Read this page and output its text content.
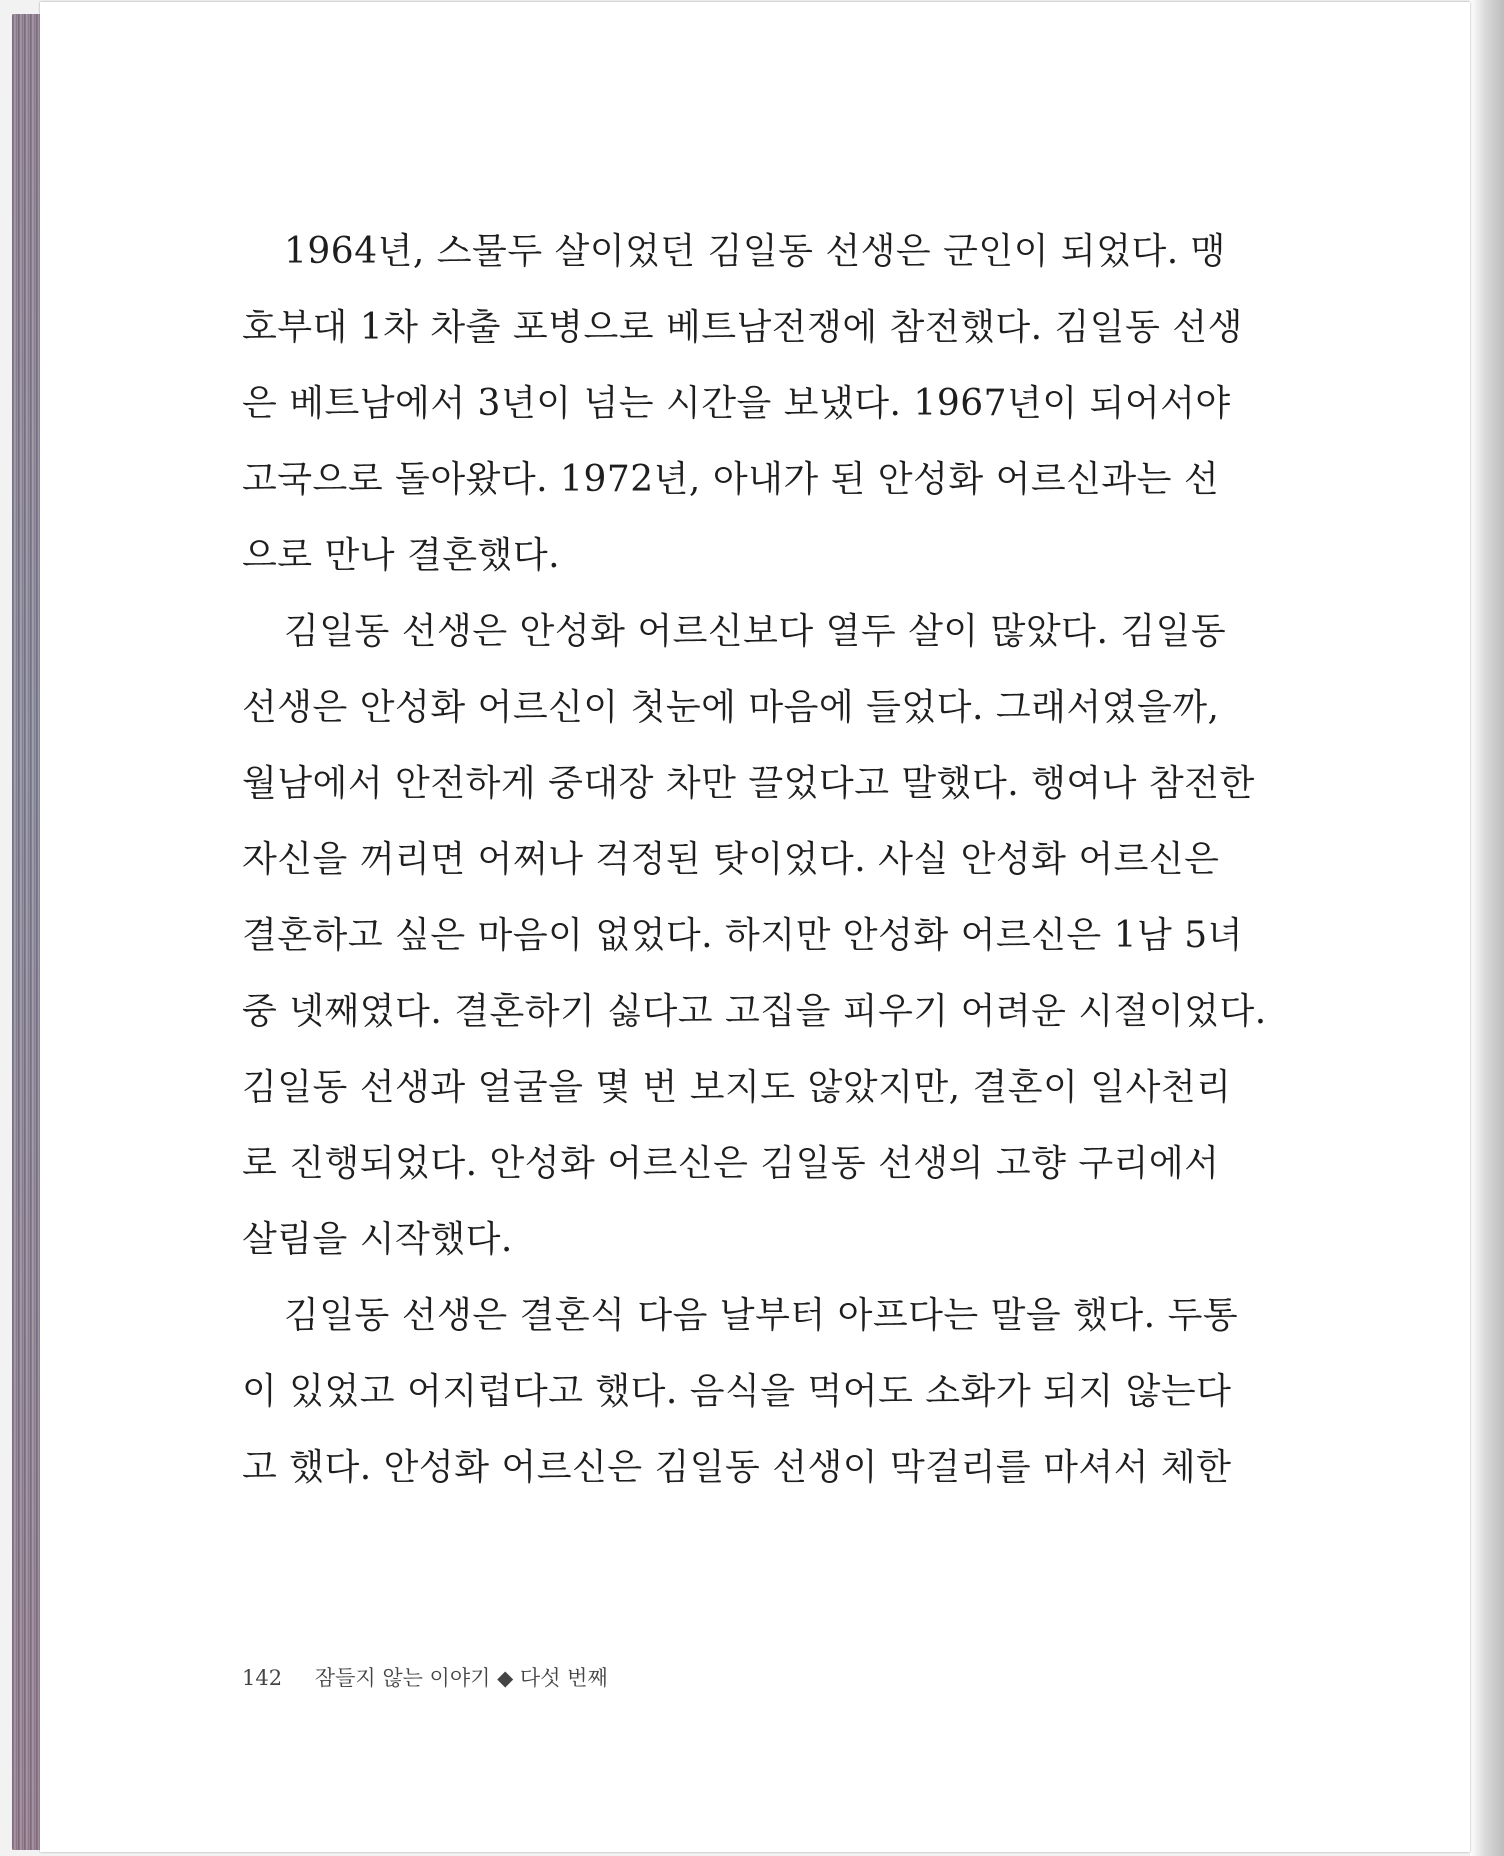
1964년, 스물두 살이었던 김일동 선생은 군인이 되었다. 맹
호부대 1차 차출 포병으로 베트남전쟁에 참전했다. 김일동 선생
은 베트남에서 3년이 넘는 시간을 보냈다. 1967년이 되어서야
고국으로 돌아왔다. 1972년, 아내가 된 안성화 어르신과는 선
으로 만나 결혼했다.
김일동 선생은 안성화 어르신보다 열두 살이 많았다. 김일동
선생은 안성화 어르신이 첫눈에 마음에 들었다. 그래서였을까,
월남에서 안전하게 중대장 차만 끌었다고 말했다. 행여나 참전한
자신을 꺼리면 어쩌나 걱정된 탓이었다. 사실 안성화 어르신은
결혼하고 싶은 마음이 없었다. 하지만 안성화 어르신은 1남 5녀
중 넷째였다. 결혼하기 싫다고 고집을 피우기 어려운 시절이었다.
김일동 선생과 얼굴을 몇 번 보지도 않았지만, 결혼이 일사천리
로 진행되었다. 안성화 어르신은 김일동 선생의 고향 구리에서
살림을 시작했다.
김일동 선생은 결혼식 다음 날부터 아프다는 말을 했다. 두통
이 있었고 어지럽다고 했다. 음식을 먹어도 소화가 되지 않는다
고 했다. 안성화 어르신은 김일동 선생이 막걸리를 마셔서 체한
142 잠들지 않는 이야기 ◆ 다섯 번째
